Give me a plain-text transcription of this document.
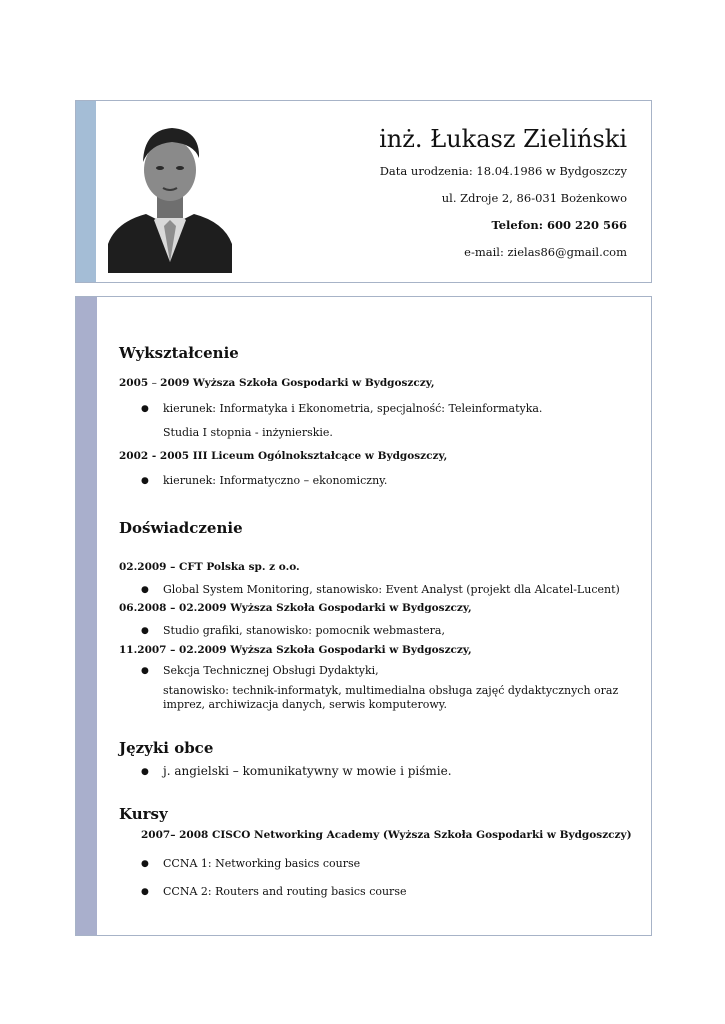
inż. Łukasz Zieliński
Data urodzenia: 18.04.1986 w Bydgoszczy
ul. Zdroje 2, 86-031 Bożenkowo
Telefon: 600 220 566
e-mail: zielas86@gmail.com
Wykształcenie
2005 – 2009 Wyższa Szkoła Gospodarki w Bydgoszczy,
● kierunek: Informatyka i Ekonometria, specjalność: Teleinformatyka.
Studia I stopnia - inżynierskie.
2002 - 2005 III Liceum Ogólnokształcące w Bydgoszczy,
● kierunek: Informatyczno – ekonomiczny.
Doświadczenie
02.2009 – CFT Polska sp. z o.o.
● Global System Monitoring, stanowisko: Event Analyst (projekt dla Alcatel-Lucent)
06.2008 – 02.2009 Wyższa Szkoła Gospodarki w Bydgoszczy,
● Studio grafiki, stanowisko: pomocnik webmastera,
11.2007 – 02.2009 Wyższa Szkoła Gospodarki w Bydgoszczy,
● Sekcja Technicznej Obsługi Dydaktyki,
stanowisko: technik-informatyk, multimedialna obsługa zajęć dydaktycznych oraz
imprez, archiwizacja danych, serwis komputerowy.
Języki obce
● j. angielski – komunikatywny w mowie i piśmie.
Kursy
2007– 2008 CISCO Networking Academy (Wyższa Szkoła Gospodarki w Bydgoszczy)
● CCNA 1: Networking basics course
● CCNA 2: Routers and routing basics course
